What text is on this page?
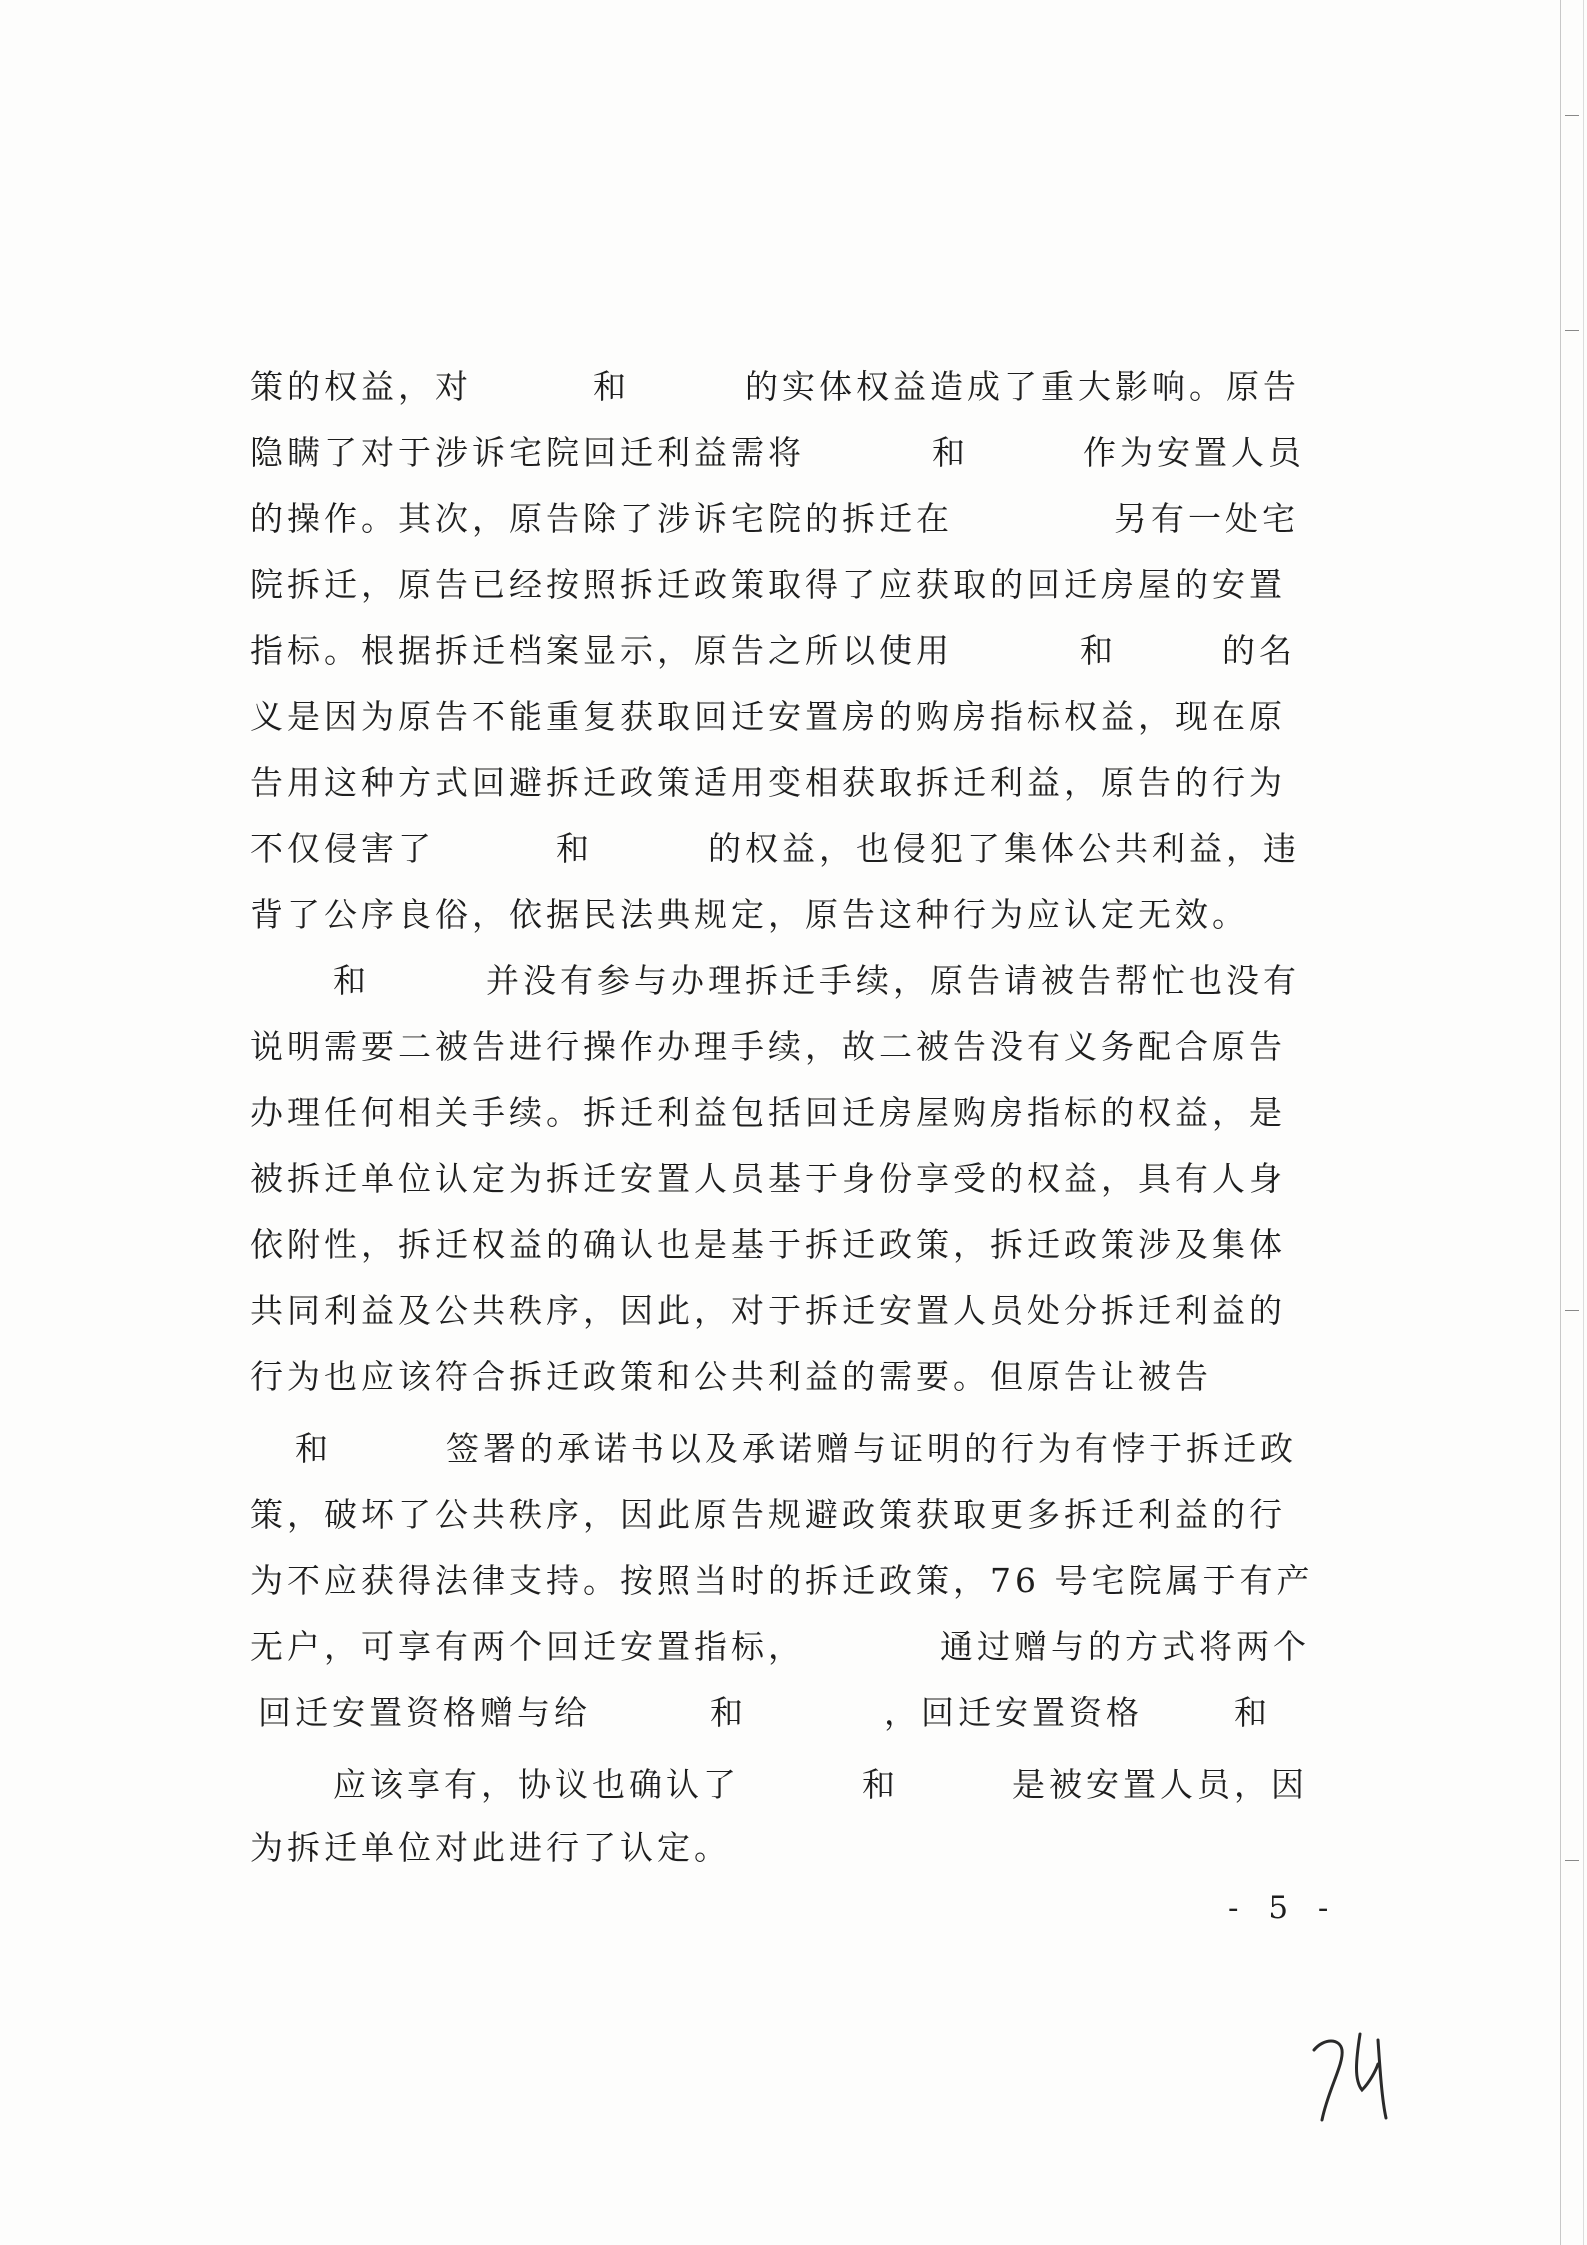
策的权益，对	和	的实体权益造成了重大影响。原告
隐瞒了对于涉诉宅院回迁利益需将	和	作为安置人员
的操作。其次，原告除了涉诉宅院的拆迁在	另有一处宅
院拆迁，原告已经按照拆迁政策取得了应获取的回迁房屋的安置
指标。根据拆迁档案显示，原告之所以使用	和	的名
义是因为原告不能重复获取回迁安置房的购房指标权益，现在原
告用这种方式回避拆迁政策适用变相获取拆迁利益，原告的行为
不仅侵害了	和	的权益，也侵犯了集体公共利益，违
背了公序良俗，依据民法典规定，原告这种行为应认定无效。
和	并没有参与办理拆迁手续，原告请被告帮忙也没有
说明需要二被告进行操作办理手续，故二被告没有义务配合原告
办理任何相关手续。拆迁利益包括回迁房屋购房指标的权益，是
被拆迁单位认定为拆迁安置人员基于身份享受的权益，具有人身
依附性，拆迁权益的确认也是基于拆迁政策，拆迁政策涉及集体
共同利益及公共秩序，因此，对于拆迁安置人员处分拆迁利益的
行为也应该符合拆迁政策和公共利益的需要。但原告让被告
和	签署的承诺书以及承诺赠与证明的行为有悖于拆迁政
策，破坏了公共秩序，因此原告规避政策获取更多拆迁利益的行
为不应获得法律支持。按照当时的拆迁政策，76 号宅院属于有产
无户，可享有两个回迁安置指标，	通过赠与的方式将两个
回迁安置资格赠与给	和	，回迁安置资格	和
应该享有，协议也确认了	和	是被安置人员，因
为拆迁单位对此进行了认定。
- 5 -
